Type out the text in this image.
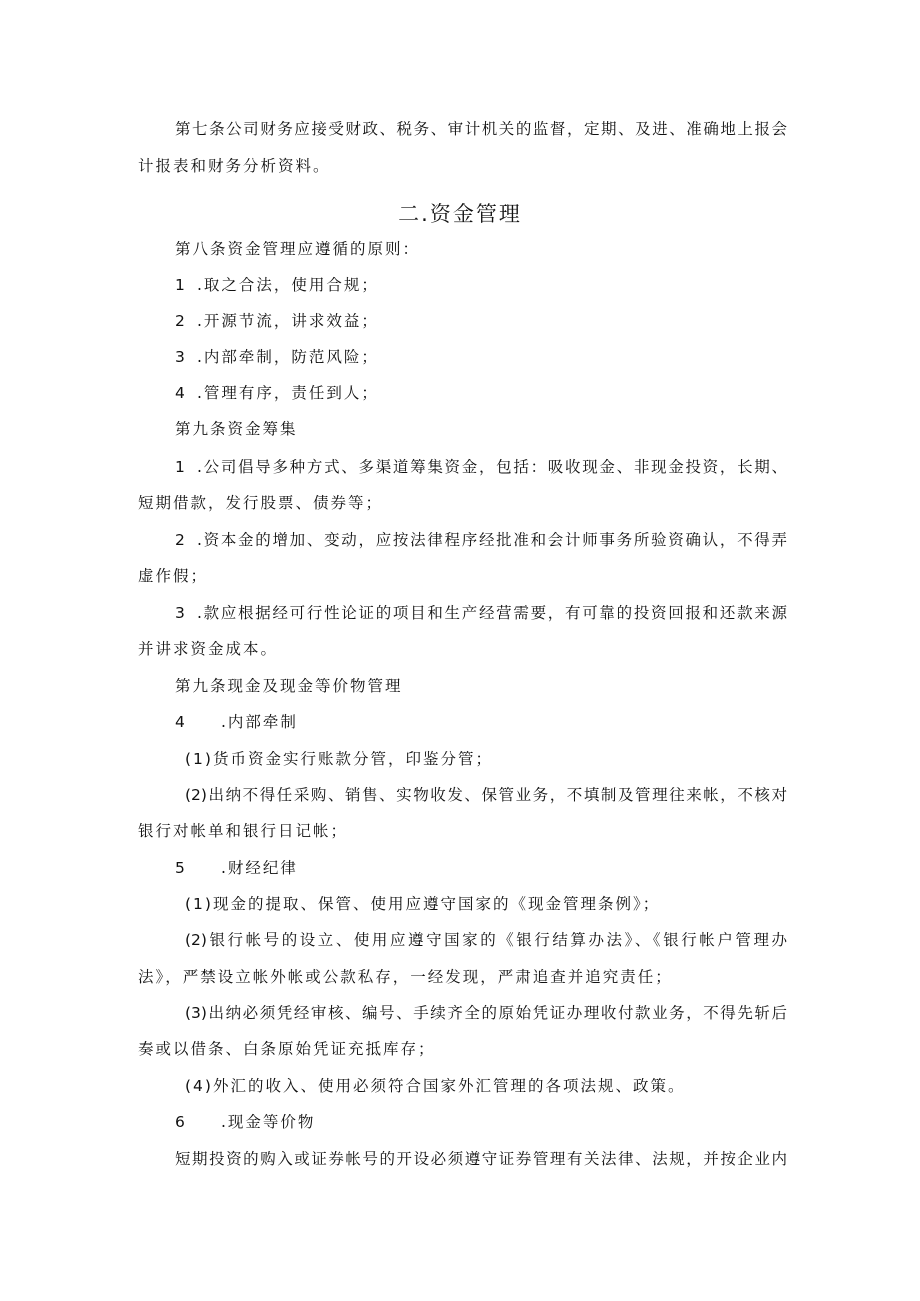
第七条公司财务应接受财政、税务、审计机关的监督，定期、及进、准确地上报会
计报表和财务分析资料。
二.资金管理
第八条资金管理应遵循的原则：
1 .取之合法，使用合规；
2 .开源节流，讲求效益；
3 .内部牵制，防范风险；
4 .管理有序，责任到人；
第九条资金筹集
1 .公司倡导多种方式、多渠道筹集资金，包括：吸收现金、非现金投资，长期、
短期借款，发行股票、债券等；
2 .资本金的增加、变动，应按法律程序经批准和会计师事务所验资确认，不得弄
虚作假；
3 .款应根据经可行性论证的项目和生产经营需要，有可靠的投资回报和还款来源
并讲求资金成本。
第九条现金及现金等价物管理
4 .内部牵制
(1)货币资金实行账款分管，印鉴分管；
(2)出纳不得任采购、销售、实物收发、保管业务，不填制及管理往来帐，不核对
银行对帐单和银行日记帐；
5 .财经纪律
(1)现金的提取、保管、使用应遵守国家的《现金管理条例》；
(2)银行帐号的设立、使用应遵守国家的《银行结算办法》、《银行帐户管理办
法》，严禁设立帐外帐或公款私存，一经发现，严肃追查并追究责任；
(3)出纳必须凭经审核、编号、手续齐全的原始凭证办理收付款业务，不得先斩后
奏或以借条、白条原始凭证充抵库存；
(4)外汇的收入、使用必须符合国家外汇管理的各项法规、政策。
6 .现金等价物
短期投资的购入或证券帐号的开设必须遵守证券管理有关法律、法规，并按企业内
